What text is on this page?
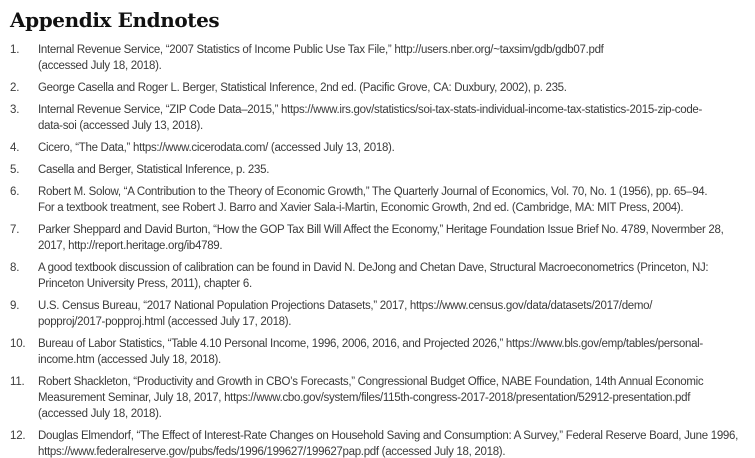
Appendix Endnotes
1.	Internal Revenue Service, “2007 Statistics of Income Public Use Tax File,” http://users.nber.org/~taxsim/gdb/gdb07.pdf
(accessed July 18, 2018).
2.	George Casella and Roger L. Berger, Statistical Inference, 2nd ed. (Pacific Grove, CA: Duxbury, 2002), p. 235.
3.	Internal Revenue Service, “ZIP Code Data–2015,” https://www.irs.gov/statistics/soi-tax-stats-individual-income-tax-statistics-2015-zip-code-
data-soi (accessed July 13, 2018).
4.	Cicero, “The Data,” https://www.cicerodata.com/ (accessed July 13, 2018).
5.	Casella and Berger, Statistical Inference, p. 235.
6.	Robert M. Solow, “A Contribution to the Theory of Economic Growth,” The Quarterly Journal of Economics, Vol. 70, No. 1 (1956), pp. 65–94.
For a textbook treatment, see Robert J. Barro and Xavier Sala-i-Martin, Economic Growth, 2nd ed. (Cambridge, MA: MIT Press, 2004).
7.	Parker Sheppard and David Burton, “How the GOP Tax Bill Will Affect the Economy,” Heritage Foundation Issue Brief No. 4789, Novermber 28,
2017, http://report.heritage.org/ib4789.
8.	A good textbook discussion of calibration can be found in David N. DeJong and Chetan Dave, Structural Macroeconometrics (Princeton, NJ:
Princeton University Press, 2011), chapter 6.
9.	U.S. Census Bureau, “2017 National Population Projections Datasets,” 2017, https://www.census.gov/data/datasets/2017/demo/
popproj/2017-popproj.html (accessed July 17, 2018).
10.	Bureau of Labor Statistics, “Table 4.10 Personal Income, 1996, 2006, 2016, and Projected 2026,” https://www.bls.gov/emp/tables/personal-
income.htm (accessed July 18, 2018).
11.	Robert Shackleton, “Productivity and Growth in CBO’s Forecasts,” Congressional Budget Office, NABE Foundation, 14th Annual Economic
Measurement Seminar, July 18, 2017, https://www.cbo.gov/system/files/115th-congress-2017-2018/presentation/52912-presentation.pdf
(accessed July 18, 2018).
12.	Douglas Elmendorf, “The Effect of Interest-Rate Changes on Household Saving and Consumption: A Survey,” Federal Reserve Board, June 1996,
https://www.federalreserve.gov/pubs/feds/1996/199627/199627pap.pdf (accessed July 18, 2018).
